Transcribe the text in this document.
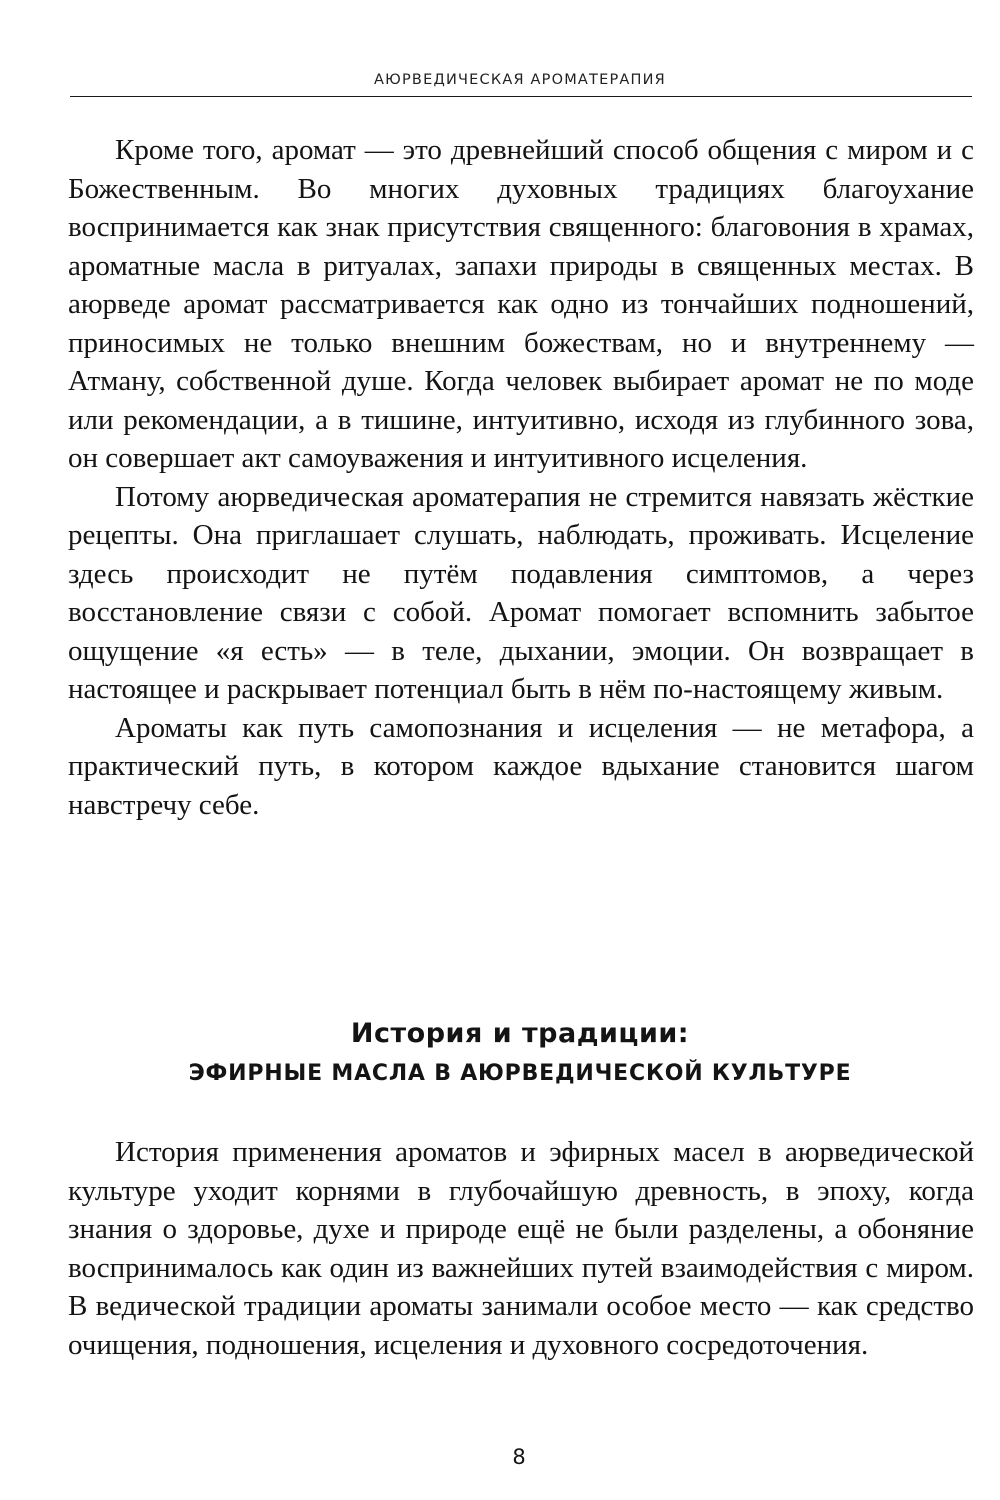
АЮРВЕДИЧЕСКАЯ АРОМАТЕРАПИЯ

Кроме того, аромат — это древнейший способ общения с миром и с Божественным. Во многих духовных традициях благоухание воспринимается как знак присутствия священного: благовония в храмах, ароматные масла в ритуалах, запахи природы в священных местах. В аюрведе аромат рассматривается как одно из тончайших подношений, приносимых не только внешним божествам, но и внутреннему — Атману, собственной душе. Когда человек выбирает аромат не по моде или рекомендации, а в тишине, интуитивно, исходя из глубинного зова, он совершает акт самоуважения и интуитивного исцеления.

Потому аюрведическая ароматерапия не стремится навязать жёсткие рецепты. Она приглашает слушать, наблюдать, проживать. Исцеление здесь происходит не путём подавления симптомов, а через восстановление связи с собой. Аромат помогает вспомнить забытое ощущение «я есть» — в теле, дыхании, эмоции. Он возвращает в настоящее и раскрывает потенциал быть в нём по-настоящему живым.

Ароматы как путь самопознания и исцеления — не метафора, а практический путь, в котором каждое вдыхание становится шагом навстречу себе.

История и традиции:
ЭФИРНЫЕ МАСЛА В АЮРВЕДИЧЕСКОЙ КУЛЬТУРЕ

История применения ароматов и эфирных масел в аюрведической культуре уходит корнями в глубочайшую древность, в эпоху, когда знания о здоровье, духе и природе ещё не были разделены, а обоняние воспринималось как один из важнейших путей взаимодействия с миром. В ведической традиции ароматы занимали особое место — как средство очищения, подношения, исцеления и духовного сосредоточения.

8
